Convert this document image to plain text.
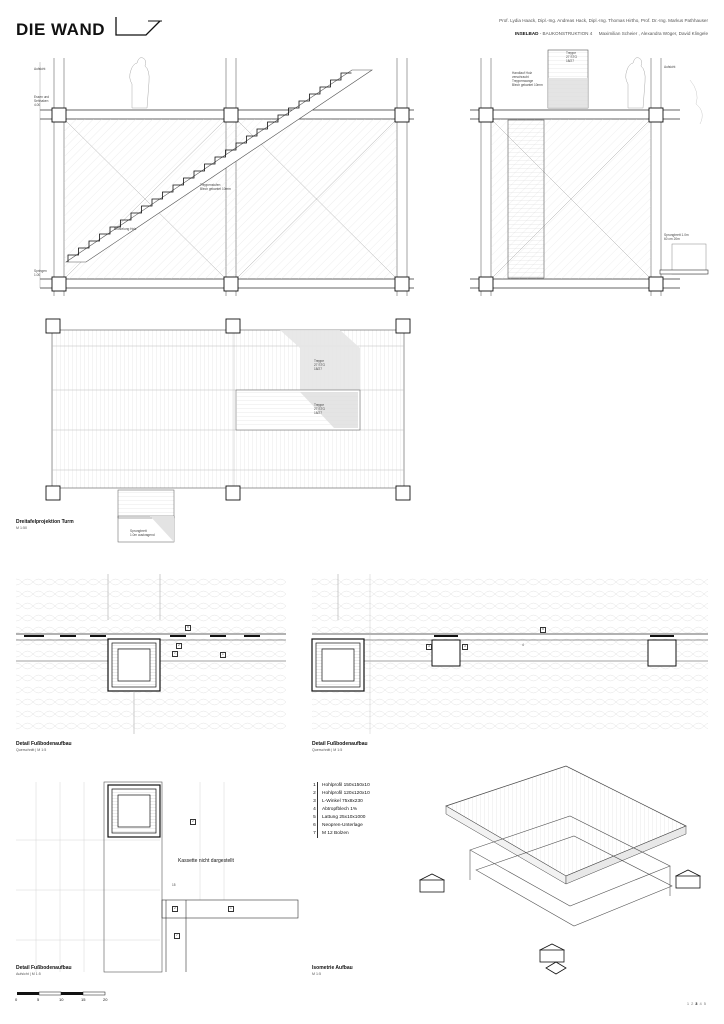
DIE WAND	Prof. Lydia Haack, Dipl.-Ing. Andreas Hack, Dipl.-Ing. Thomas Hirtho, Prof. Dr.-Ing. Markus Pathhauser
INSELBAD - BAUKONSTRUKTION 4 Maximilian Scheier , Alexandra Wöger, David Klingele
Aufsicht
Treppenstufen Blech gekantet 10mm
Brüstelung Holz
Aufsicht
Essen und
Sehhaken
4.00
Springen
1.00
Treppe
27 STG
18/27
Handlauf Holz
verschraubt
Treppenwange
Blech gekantet 10mm
Sprungbrett 1.0m
60 cm 20m
Treppe
27 STG
18/27
Treppe
27 STG
18/27
Sprungbrett
1.0m auskragend
Dreitafelprojektion Turm
M 1:50
5
2
1
7
Detail Fußbodenaufbau
Querschnitt | M 1:5
5
3	4
3
Detail Fußbodenaufbau
Querschnitt | M 1:5
2
2	1
7
Kassette nicht dargestellt
15
Detail Fußbodenaufbau
Aufsicht | M 1:5
1	Hohlprofil 150x150x10
2	Hohlprofil 120x120x10
3	L-Winkel 75x8x230
4	Abtropfblech 1%
5	Lattung 25x10x1000
6	Neopren-Unterlage
7	M 12 Bolzen
Isometrie Aufbau
M 1:5
0	5	10	15	20
12345
